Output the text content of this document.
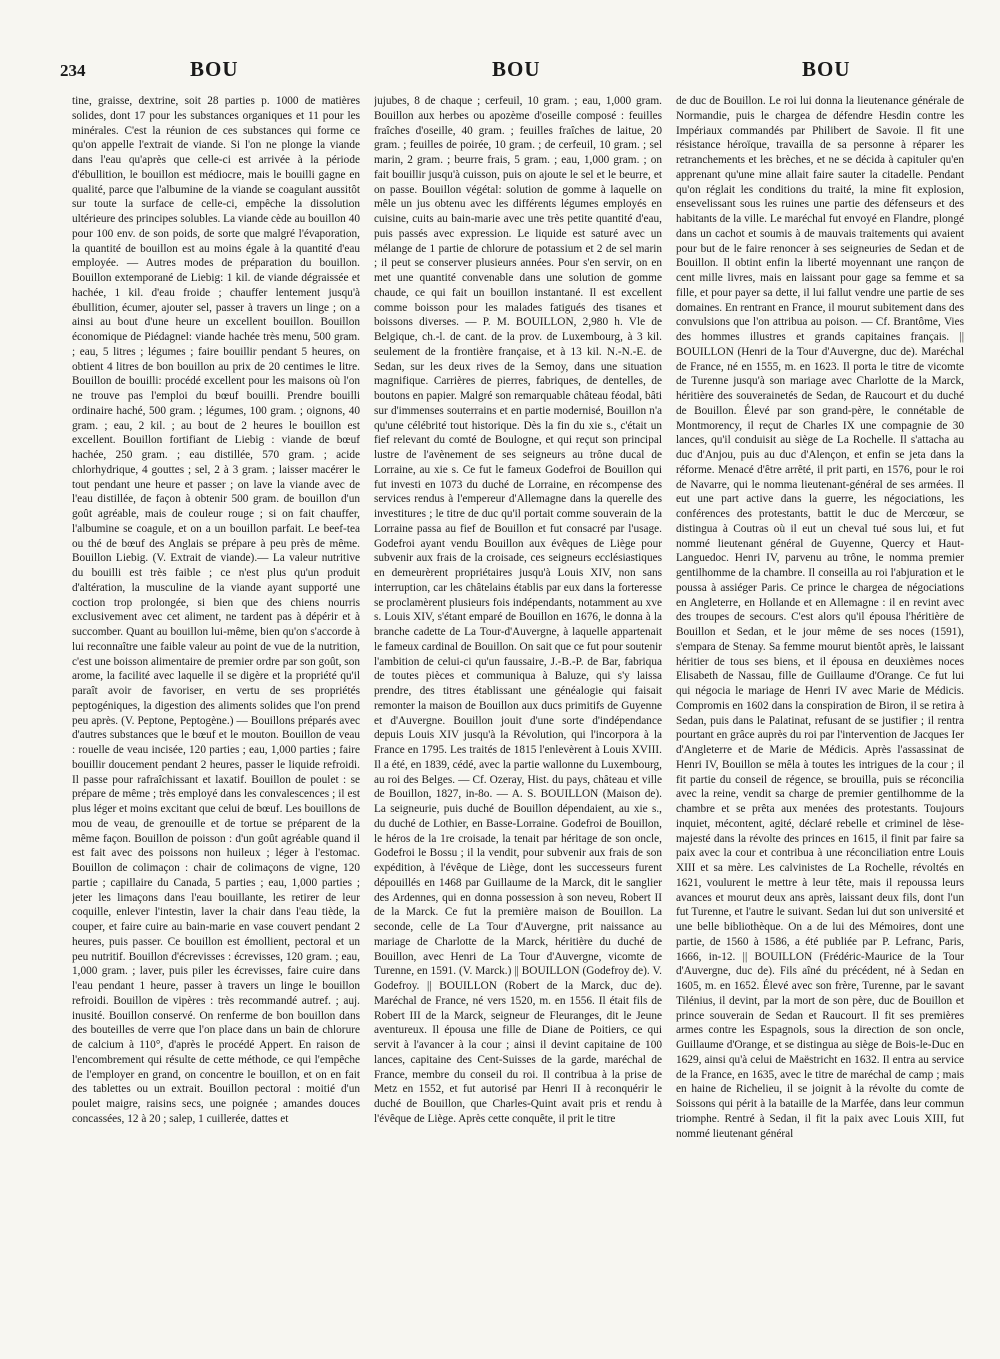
234	BOU	BOU	BOU

tine, graisse, dextrine, soit 28 parties p. 1000 de matières solides, dont 17 pour les substances organiques et 11 pour les minérales. C'est la réunion de ces substances qui forme ce qu'on appelle l'extrait de viande. Si l'on ne plonge la viande dans l'eau qu'après que celle-ci est arrivée à la période d'ébullition, le bouillon est médiocre, mais le bouilli gagne en qualité, parce que l'albumine de la viande se coagulant aussitôt sur toute la surface de celle-ci, empêche la dissolution ultérieure des principes solubles. La viande cède au bouillon 40 pour 100 env. de son poids, de sorte que malgré l'évaporation, la quantité de bouillon est au moins égale à la quantité d'eau employée. — Autres modes de préparation du bouillon. Bouillon extemporané de Liebig: 1 kil. de viande dégraissée et hachée, 1 kil. d'eau froide ; chauffer lentement jusqu'à ébullition, écumer, ajouter sel, passer à travers un linge ; on a ainsi au bout d'une heure un excellent bouillon. Bouillon économique de Piédagnel: viande hachée très menu, 500 gram. ; eau, 5 litres ; légumes ; faire bouillir pendant 5 heures, on obtient 4 litres de bon bouillon au prix de 20 centimes le litre. Bouillon de bouilli: procédé excellent pour les maisons où l'on ne trouve pas l'emploi du bœuf bouilli. Prendre bouilli ordinaire haché, 500 gram. ; légumes, 100 gram. ; oignons, 40 gram. ; eau, 2 kil. ; au bout de 2 heures le bouillon est excellent. Bouillon fortifiant de Liebig : viande de bœuf hachée, 250 gram. ; eau distillée, 570 gram. ; acide chlorhydrique, 4 gouttes ; sel, 2 à 3 gram. ; laisser macérer le tout pendant une heure et passer ; on lave la viande avec de l'eau distillée, de façon à obtenir 500 gram. de bouillon d'un goût agréable, mais de couleur rouge ; si on fait chauffer, l'albumine se coagule, et on a un bouillon parfait. Le beef-tea ou thé de bœuf des Anglais se prépare à peu près de même. Bouillon Liebig. (V. Extrait de viande).— La valeur nutritive du bouilli est très faible ; ce n'est plus qu'un produit d'altération, la musculine de la viande ayant supporté une coction trop prolongée, si bien que des chiens nourris exclusivement avec cet aliment, ne tardent pas à dépérir et à succomber. Quant au bouillon lui-même, bien qu'on s'accorde à lui reconnaître une faible valeur au point de vue de la nutrition, c'est une boisson alimentaire de premier ordre par son goût, son arome, la facilité avec laquelle il se digère et la propriété qu'il paraît avoir de favoriser, en vertu de ses propriétés peptogéniques, la digestion des aliments solides que l'on prend peu après. (V. Peptone, Peptogène.) — Bouillons préparés avec d'autres substances que le bœuf et le mouton. Bouillon de veau : rouelle de veau incisée, 120 parties ; eau, 1,000 parties ; faire bouillir doucement pendant 2 heures, passer le liquide refroidi. Il passe pour rafraîchissant et laxatif. Bouillon de poulet : se prépare de même ; très employé dans les convalescences ; il est plus léger et moins excitant que celui de bœuf. Les bouillons de mou de veau, de grenouille et de tortue se préparent de la même façon. Bouillon de poisson : d'un goût agréable quand il est fait avec des poissons non huileux ; léger à l'estomac. Bouillon de colimaçon : chair de colimaçons de vigne, 120 partie ; capillaire du Canada, 5 parties ; eau, 1,000 parties ; jeter les limaçons dans l'eau bouillante, les retirer de leur coquille, enlever l'intestin, laver la chair dans l'eau tiède, la couper, et faire cuire au bain-marie en vase couvert pendant 2 heures, puis passer. Ce bouillon est émollient, pectoral et un peu nutritif. Bouillon d'écrevisses : écrevisses, 120 gram. ; eau, 1,000 gram. ; laver, puis piler les écrevisses, faire cuire dans l'eau pendant 1 heure, passer à travers un linge le bouillon refroidi. Bouillon de vipères : très recommandé autref. ; auj. inusité. Bouillon conservé. On renferme de bon bouillon dans des bouteilles de verre que l'on place dans un bain de chlorure de calcium à 110°, d'après le procédé Appert. En raison de l'encombrement qui résulte de cette méthode, ce qui l'empêche de l'employer en grand, on concentre le bouillon, et on en fait des tablettes ou un extrait. Bouillon pectoral : moitié d'un poulet maigre, raisins secs, une poignée ; amandes douces concassées, 12 à 20 ; salep, 1 cuillerée, dattes et

jujubes, 8 de chaque ; cerfeuil, 10 gram. ; eau, 1,000 gram. Bouillon aux herbes ou apozème d'oseille composé : feuilles fraîches d'oseille, 40 gram. ; feuilles fraîches de laitue, 20 gram. ; feuilles de poirée, 10 gram. ; de cerfeuil, 10 gram. ; sel marin, 2 gram. ; beurre frais, 5 gram. ; eau, 1,000 gram. ; on fait bouillir jusqu'à cuisson, puis on ajoute le sel et le beurre, et on passe. Bouillon végétal: solution de gomme à laquelle on mêle un jus obtenu avec les différents légumes employés en cuisine, cuits au bain-marie avec une très petite quantité d'eau, puis passés avec expression. Le liquide est saturé avec un mélange de 1 partie de chlorure de potassium et 2 de sel marin ; il peut se conserver plusieurs années. Pour s'en servir, on en met une quantité convenable dans une solution de gomme chaude, ce qui fait un bouillon instantané. Il est excellent comme boisson pour les malades fatigués des tisanes et boissons diverses. — P. M. BOUILLON, 2,980 h. Vle de Belgique, ch.-l. de cant. de la prov. de Luxembourg, à 3 kil. seulement de la frontière française, et à 13 kil. N.-N.-E. de Sedan, sur les deux rives de la Semoy, dans une situation magnifique. Carrières de pierres, fabriques, de dentelles, de boutons en papier. Malgré son remarquable château féodal, bâti sur d'immenses souterrains et en partie modernisé, Bouillon n'a qu'une célébrité tout historique. Dès la fin du xie s., c'était un fief relevant du comté de Boulogne, et qui reçut son principal lustre de l'avènement de ses seigneurs au trône ducal de Lorraine, au xie s. Ce fut le fameux Godefroi de Bouillon qui fut investi en 1073 du duché de Lorraine, en récompense des services rendus à l'empereur d'Allemagne dans la querelle des investitures ; le titre de duc qu'il portait comme souverain de la Lorraine passa au fief de Bouillon et fut consacré par l'usage. Godefroi ayant vendu Bouillon aux évêques de Liège pour subvenir aux frais de la croisade, ces seigneurs ecclésiastiques en demeurèrent propriétaires jusqu'à Louis XIV, non sans interruption, car les châtelains établis par eux dans la forteresse se proclamèrent plusieurs fois indépendants, notamment au xve s. Louis XIV, s'étant emparé de Bouillon en 1676, le donna à la branche cadette de La Tour-d'Auvergne, à laquelle appartenait le fameux cardinal de Bouillon. On sait que ce fut pour soutenir l'ambition de celui-ci qu'un faussaire, J.-B.-P. de Bar, fabriqua de toutes pièces et communiqua à Baluze, qui s'y laissa prendre, des titres établissant une généalogie qui faisait remonter la maison de Bouillon aux ducs primitifs de Guyenne et d'Auvergne. Bouillon jouit d'une sorte d'indépendance depuis Louis XIV jusqu'à la Révolution, qui l'incorpora à la France en 1795. Les traités de 1815 l'enlevèrent à Louis XVIII. Il a été, en 1839, cédé, avec la partie wallonne du Luxembourg, au roi des Belges. — Cf. Ozeray, Hist. du pays, château et ville de Bouillon, 1827, in-8o. — A. S. BOUILLON (Maison de). La seigneurie, puis duché de Bouillon dépendaient, au xie s., du duché de Lothier, en Basse-Lorraine. Godefroi de Bouillon, le héros de la 1re croisade, la tenait par héritage de son oncle, Godefroi le Bossu ; il la vendit, pour subvenir aux frais de son expédition, à l'évêque de Liège, dont les successeurs furent dépouillés en 1468 par Guillaume de la Marck, dit le sanglier des Ardennes, qui en donna possession à son neveu, Robert II de la Marck. Ce fut la première maison de Bouillon. La seconde, celle de La Tour d'Auvergne, prit naissance au mariage de Charlotte de la Marck, héritière du duché de Bouillon, avec Henri de La Tour d'Auvergne, vicomte de Turenne, en 1591. (V. Marck.) || BOUILLON (Godefroy de). V. Godefroy. || BOUILLON (Robert de la Marck, duc de). Maréchal de France, né vers 1520, m. en 1556. Il était fils de Robert III de la Marck, seigneur de Fleuranges, dit le Jeune aventureux. Il épousa une fille de Diane de Poitiers, ce qui servit à l'avancer à la cour ; ainsi il devint capitaine de 100 lances, capitaine des Cent-Suisses de la garde, maréchal de France, membre du conseil du roi. Il contribua à la prise de Metz en 1552, et fut autorisé par Henri II à reconquérir le duché de Bouillon, que Charles-Quint avait pris et rendu à l'évêque de Liège. Après cette conquête, il prit le titre

de duc de Bouillon. Le roi lui donna la lieutenance générale de Normandie, puis le chargea de défendre Hesdin contre les Impériaux commandés par Philibert de Savoie. Il fit une résistance héroïque, travailla de sa personne à réparer les retranchements et les brèches, et ne se décida à capituler qu'en apprenant qu'une mine allait faire sauter la citadelle. Pendant qu'on réglait les conditions du traité, la mine fit explosion, ensevelissant sous les ruines une partie des défenseurs et des habitants de la ville. Le maréchal fut envoyé en Flandre, plongé dans un cachot et soumis à de mauvais traitements qui avaient pour but de le faire renoncer à ses seigneuries de Sedan et de Bouillon. Il obtint enfin la liberté moyennant une rançon de cent mille livres, mais en laissant pour gage sa femme et sa fille, et pour payer sa dette, il lui fallut vendre une partie de ses domaines. En rentrant en France, il mourut subitement dans des convulsions que l'on attribua au poison. — Cf. Brantôme, Vies des hommes illustres et grands capitaines français. || BOUILLON (Henri de la Tour d'Auvergne, duc de). Maréchal de France, né en 1555, m. en 1623. Il porta le titre de vicomte de Turenne jusqu'à son mariage avec Charlotte de la Marck, héritière des souverainetés de Sedan, de Raucourt et du duché de Bouillon. Élevé par son grand-père, le connétable de Montmorency, il reçut de Charles IX une compagnie de 30 lances, qu'il conduisit au siège de La Rochelle. Il s'attacha au duc d'Anjou, puis au duc d'Alençon, et enfin se jeta dans la réforme. Menacé d'être arrêté, il prit parti, en 1576, pour le roi de Navarre, qui le nomma lieutenant-général de ses armées. Il eut une part active dans la guerre, les négociations, les conférences des protestants, battit le duc de Mercœur, se distingua à Coutras où il eut un cheval tué sous lui, et fut nommé lieutenant général de Guyenne, Quercy et Haut-Languedoc. Henri IV, parvenu au trône, le nomma premier gentilhomme de la chambre. Il conseilla au roi l'abjuration et le poussa à assiéger Paris. Ce prince le chargea de négociations en Angleterre, en Hollande et en Allemagne : il en revint avec des troupes de secours. C'est alors qu'il épousa l'héritière de Bouillon et Sedan, et le jour même de ses noces (1591), s'empara de Stenay. Sa femme mourut bientôt après, le laissant héritier de tous ses biens, et il épousa en deuxièmes noces Elisabeth de Nassau, fille de Guillaume d'Orange. Ce fut lui qui négocia le mariage de Henri IV avec Marie de Médicis. Compromis en 1602 dans la conspiration de Biron, il se retira à Sedan, puis dans le Palatinat, refusant de se justifier ; il rentra pourtant en grâce auprès du roi par l'intervention de Jacques Ier d'Angleterre et de Marie de Médicis. Après l'assassinat de Henri IV, Bouillon se mêla à toutes les intrigues de la cour ; il fit partie du conseil de régence, se brouilla, puis se réconcilia avec la reine, vendit sa charge de premier gentilhomme de la chambre et se prêta aux menées des protestants. Toujours inquiet, mécontent, agité, déclaré rebelle et criminel de lèse-majesté dans la révolte des princes en 1615, il finit par faire sa paix avec la cour et contribua à une réconciliation entre Louis XIII et sa mère. Les calvinistes de La Rochelle, révoltés en 1621, voulurent le mettre à leur tête, mais il repoussa leurs avances et mourut deux ans après, laissant deux fils, dont l'un fut Turenne, et l'autre le suivant. Sedan lui dut son université et une belle bibliothèque. On a de lui des Mémoires, dont une partie, de 1560 à 1586, a été publiée par P. Lefranc, Paris, 1666, in-12. || BOUILLON (Frédéric-Maurice de la Tour d'Auvergne, duc de). Fils aîné du précédent, né à Sedan en 1605, m. en 1652. Élevé avec son frère, Turenne, par le savant Tilénius, il devint, par la mort de son père, duc de Bouillon et prince souverain de Sedan et Raucourt. Il fit ses premières armes contre les Espagnols, sous la direction de son oncle, Guillaume d'Orange, et se distingua au siège de Bois-le-Duc en 1629, ainsi qu'à celui de Maëstricht en 1632. Il entra au service de la France, en 1635, avec le titre de maréchal de camp ; mais en haine de Richelieu, il se joignit à la révolte du comte de Soissons qui périt à la bataille de la Marfée, dans leur commun triomphe. Rentré à Sedan, il fit la paix avec Louis XIII, fut nommé lieutenant général
